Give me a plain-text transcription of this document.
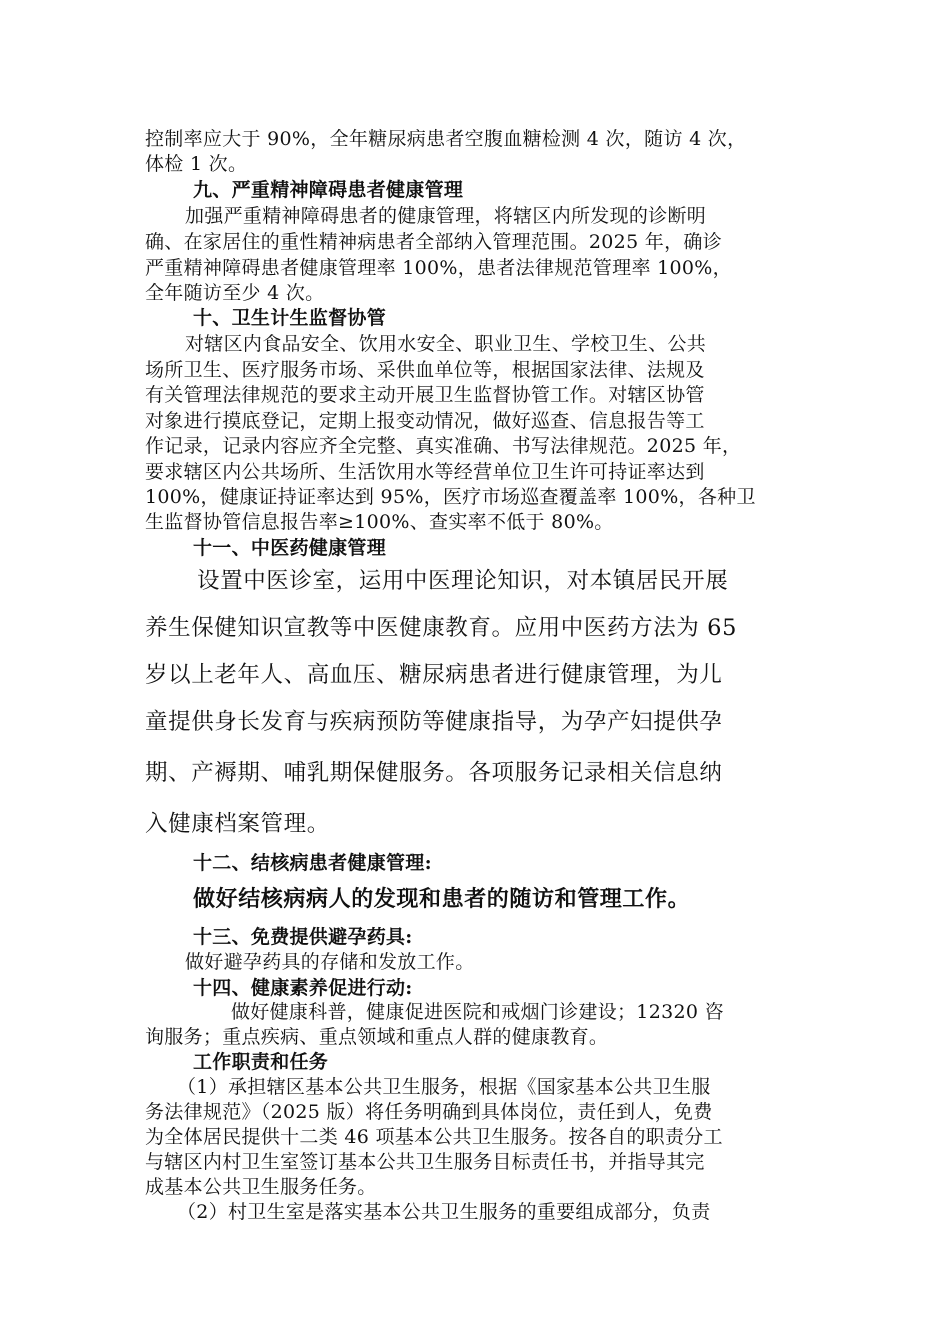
控制率应大于 90%，全年糖尿病患者空腹血糖检测 4 次，随访 4 次，
体检 1 次。
九、严重精神障碍患者健康管理
加强严重精神障碍患者的健康管理，将辖区内所发现的诊断明
确、在家居住的重性精神病患者全部纳入管理范围。2025 年，确诊
严重精神障碍患者健康管理率 100%，患者法律规范管理率 100%，
全年随访至少 4 次。
十、卫生计生监督协管
对辖区内食品安全、饮用水安全、职业卫生、学校卫生、公共
场所卫生、医疗服务市场、采供血单位等，根据国家法律、法规及
有关管理法律规范的要求主动开展卫生监督协管工作。对辖区协管
对象进行摸底登记，定期上报变动情况，做好巡查、信息报告等工
作记录，记录内容应齐全完整、真实准确、书写法律规范。2025 年，
要求辖区内公共场所、生活饮用水等经营单位卫生许可持证率达到
100%，健康证持证率达到 95%，医疗市场巡查覆盖率 100%，各种卫
生监督协管信息报告率≥100%、查实率不低于 80%。
十一、中医药健康管理
设置中医诊室，运用中医理论知识，对本镇居民开展
养生保健知识宣教等中医健康教育。应用中医药方法为 65
岁以上老年人、高血压、糖尿病患者进行健康管理，为儿
童提供身长发育与疾病预防等健康指导，为孕产妇提供孕
期、产褥期、哺乳期保健服务。各项服务记录相关信息纳
入健康档案管理。
十二、结核病患者健康管理:
做好结核病病人的发现和患者的随访和管理工作。
十三、免费提供避孕药具:
做好避孕药具的存储和发放工作。
十四、健康素养促进行动:
做好健康科普，健康促进医院和戒烟门诊建设；12320 咨
询服务；重点疾病、重点领域和重点人群的健康教育。
工作职责和任务
（1）承担辖区基本公共卫生服务，根据《国家基本公共卫生服
务法律规范》（2025 版）将任务明确到具体岗位，责任到人，免费
为全体居民提供十二类 46 项基本公共卫生服务。按各自的职责分工
与辖区内村卫生室签订基本公共卫生服务目标责任书，并指导其完
成基本公共卫生服务任务。
（2）村卫生室是落实基本公共卫生服务的重要组成部分，负责
